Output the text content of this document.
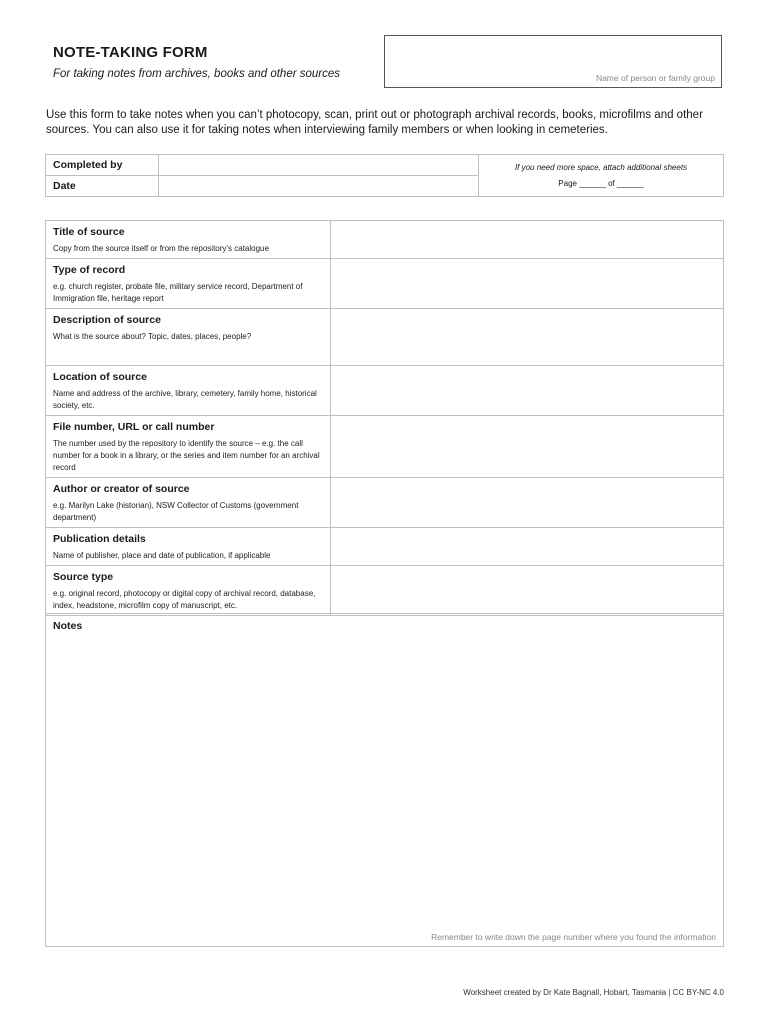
NOTE-TAKING FORM
For taking notes from archives, books and other sources	Name of person or family group
Use this form to take notes when you can’t photocopy, scan, print out or photograph archival records, books, microfilms and other sources. You can also use it for taking notes when interviewing family members or when looking in cemeteries.
Completed by		If you need more space, attach additional sheets
Page ______ of ______
Date		
Title of source
Copy from the source itself or from the repository’s catalogue	

Type of record
e.g. church register, probate file, military service record, Department of Immigration file, heritage report	

Description of source
What is the source about? Topic, dates, places, people?	

Location of source
Name and address of the archive, library, cemetery, family home, historical society, etc.	

File number, URL or call number
The number used by the repository to identify the source – e.g. the call number for a book in a library, or the series and item number for an archival record	

Author or creator of source
e.g. Marilyn Lake (historian), NSW Collector of Customs (government department)	

Publication details
Name of publisher, place and date of publication, if applicable	

Source type
e.g. original record, photocopy or digital copy of archival record, database, index, headstone, microfilm copy of manuscript, etc.	

Notes
Remember to write down the page number where you found the information
Worksheet created by Dr Kate Bagnall, Hobart, Tasmania | CC BY-NC 4.0
